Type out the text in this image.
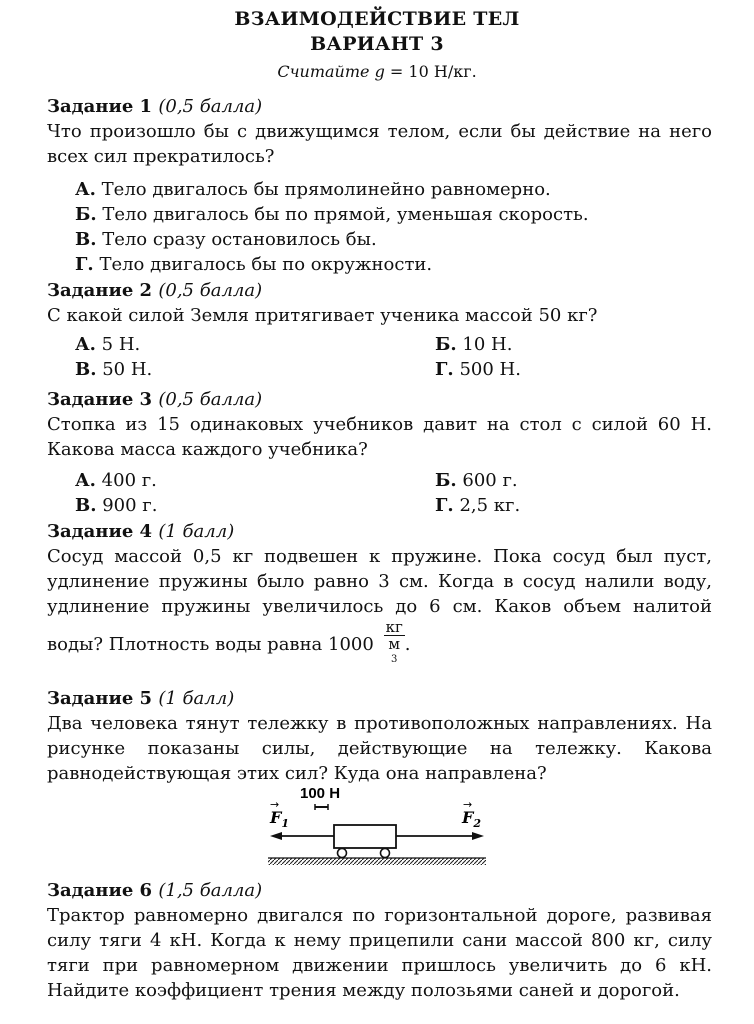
ВЗАИМОДЕЙСТВИЕ ТЕЛ
ВАРИАНТ 3
Считайте g = 10 Н/кг.
Задание 1 (0,5 балла)
Что произошло бы с движущимся телом, если бы действие на него всех сил прекратилось?
А. Тело двигалось бы прямолинейно равномерно.
Б. Тело двигалось бы по прямой, уменьшая скорость.
В. Тело сразу остановилось бы.
Г. Тело двигалось бы по окружности.
Задание 2 (0,5 балла)
С какой силой Земля притягивает ученика массой 50 кг?
А. 5 Н.	Б. 10 Н.
В. 50 Н.	Г. 500 Н.
Задание 3 (0,5 балла)
Стопка из 15 одинаковых учебников давит на стол с силой 60 Н. Какова масса каждого учебника?
А. 400 г.	Б. 600 г.
В. 900 г.	Г. 2,5 кг.
Задание 4 (1 балл)
Сосуд массой 0,5 кг подвешен к пружине. Пока сосуд был пуст, удлинение пружины было равно 3 см. Когда в сосуд налили воду, удлинение пружины увеличилось до 6 см. Каков объем налитой воды? Плотность воды равна 1000 кг
м
$^3$ .
Задание 5 (1 балл)
Два человека тянут тележку в противоположных направлениях. На рисунке показаны силы, действующие на тележку. Какова равнодействующая этих сил? Куда она направлена?
100 Н
$F_1$
→
$F_2$
→
Задание 6 (1,5 балла)
Трактор равномерно двигался по горизонтальной дороге, развивая силу тяги 4 кН. Когда к нему прицепили сани массой 800 кг, силу тяги при равномерном движении пришлось увеличить до 6 кН. Найдите коэффициент трения между полозьями саней и дорогой.
